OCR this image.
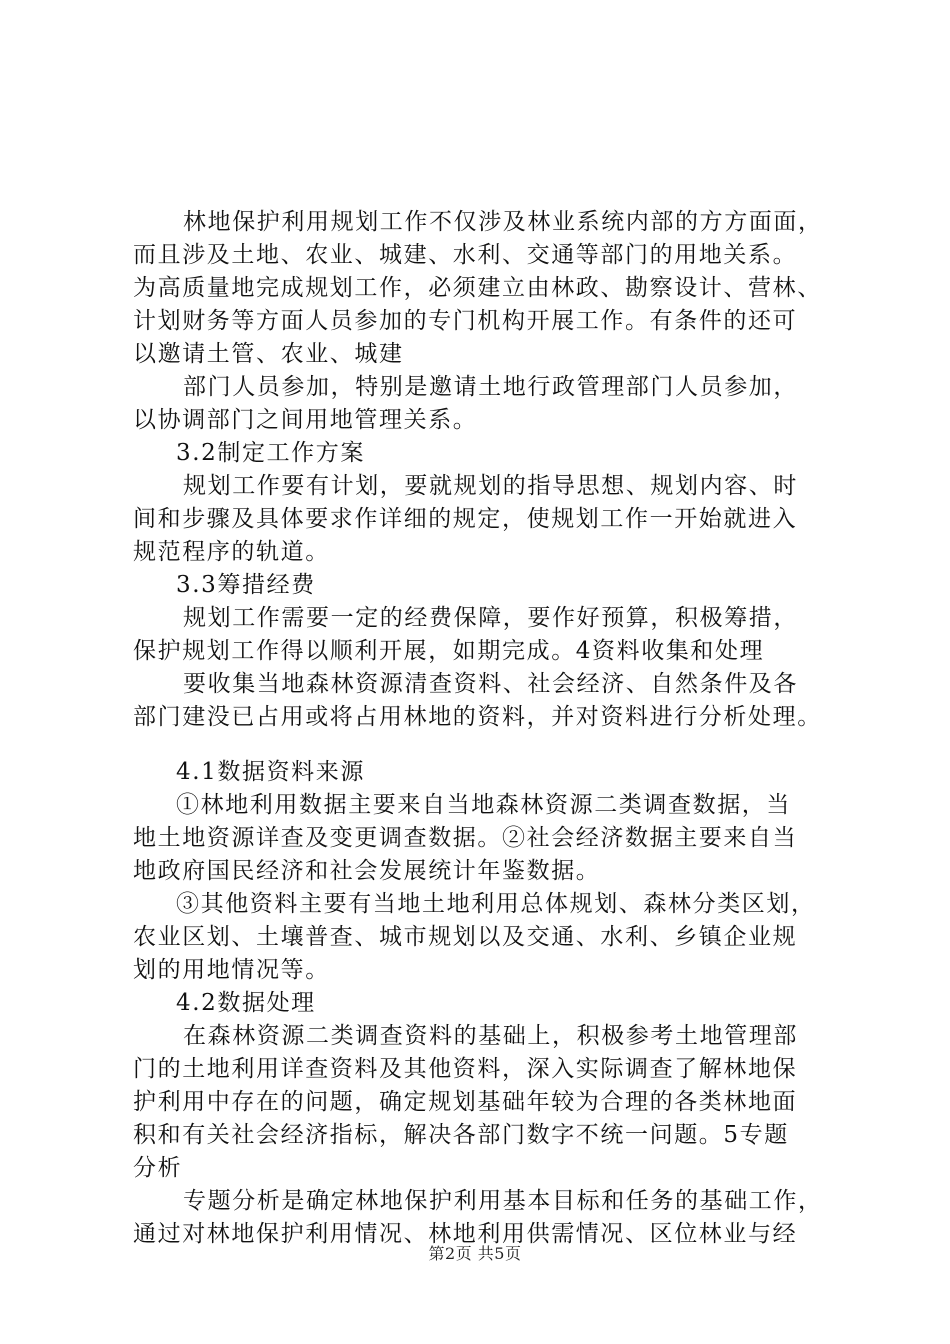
林地保护利用规划工作不仅涉及林业系统内部的方方面面，
而且涉及土地、农业、城建、水利、交通等部门的用地关系。
为高质量地完成规划工作，必须建立由林政、勘察设计、营林、
计划财务等方面人员参加的专门机构开展工作。有条件的还可
以邀请土管、农业、城建
部门人员参加，特别是邀请土地行政管理部门人员参加，
以协调部门之间用地管理关系。
3.2制定工作方案
规划工作要有计划，要就规划的指导思想、规划内容、时
间和步骤及具体要求作详细的规定，使规划工作一开始就进入
规范程序的轨道。
3.3筹措经费
规划工作需要一定的经费保障，要作好预算，积极筹措，
保护规划工作得以顺利开展，如期完成。4资料收集和处理
要收集当地森林资源清查资料、社会经济、自然条件及各
部门建没已占用或将占用林地的资料，并对资料进行分析处理。
4.1数据资料来源
①林地利用数据主要来自当地森林资源二类调查数据，当
地土地资源详查及变更调查数据。②社会经济数据主要来自当
地政府国民经济和社会发展统计年鉴数据。
③其他资料主要有当地土地利用总体规划、森林分类区划，
农业区划、土壤普查、城市规划以及交通、水利、乡镇企业规
划的用地情况等。
4.2数据处理
在森林资源二类调查资料的基础上，积极参考土地管理部
门的土地利用详查资料及其他资料，深入实际调查了解林地保
护利用中存在的问题，确定规划基础年较为合理的各类林地面
积和有关社会经济指标，解决各部门数字不统一问题。5专题
分析
专题分析是确定林地保护利用基本目标和任务的基础工作，
通过对林地保护利用情况、林地利用供需情况、区位林业与经
第2页 共5页
